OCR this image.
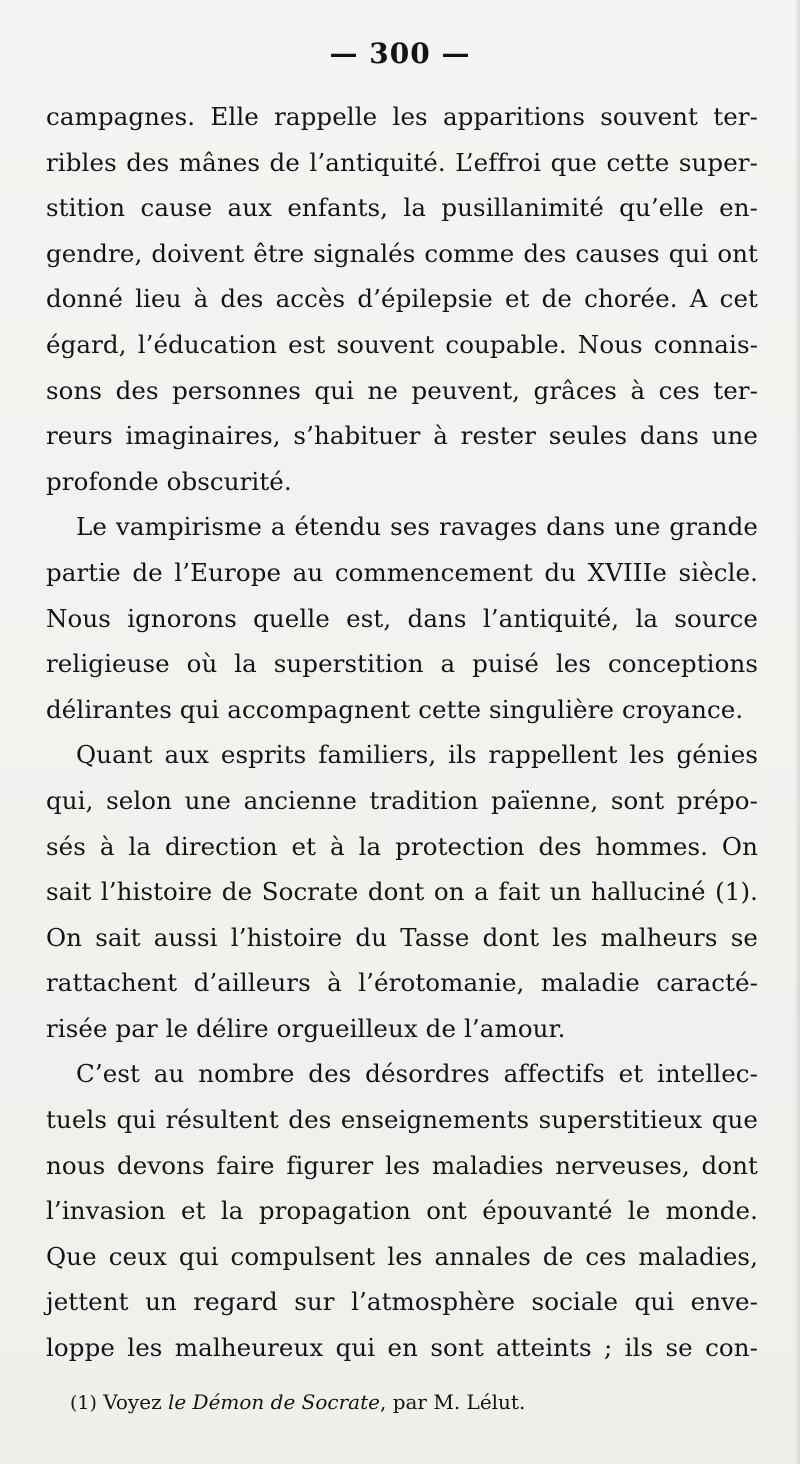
— 300 —
campagnes. Elle rappelle les apparitions souvent ter-
ribles des mânes de l’antiquité. L’effroi que cette super-
stition cause aux enfants, la pusillanimité qu’elle en-
gendre, doivent être signalés comme des causes qui ont
donné lieu à des accès d’épilepsie et de chorée. A cet
égard, l’éducation est souvent coupable. Nous connais-
sons des personnes qui ne peuvent, grâces à ces ter-
reurs imaginaires, s’habituer à rester seules dans une
profonde obscurité.
Le vampirisme a étendu ses ravages dans une grande
partie de l’Europe au commencement du XVIIIe siècle.
Nous ignorons quelle est, dans l’antiquité, la source
religieuse où la superstition a puisé les conceptions
délirantes qui accompagnent cette singulière croyance.
Quant aux esprits familiers, ils rappellent les génies
qui, selon une ancienne tradition païenne, sont prépo-
sés à la direction et à la protection des hommes. On
sait l’histoire de Socrate dont on a fait un halluciné (1).
On sait aussi l’histoire du Tasse dont les malheurs se
rattachent d’ailleurs à l’érotomanie, maladie caracté-
risée par le délire orgueilleux de l’amour.
C’est au nombre des désordres affectifs et intellec-
tuels qui résultent des enseignements superstitieux que
nous devons faire figurer les maladies nerveuses, dont
l’invasion et la propagation ont épouvanté le monde.
Que ceux qui compulsent les annales de ces maladies,
jettent un regard sur l’atmosphère sociale qui enve-
loppe les malheureux qui en sont atteints ; ils se con-
(1) Voyez le Démon de Socrate, par M. Lélut.
